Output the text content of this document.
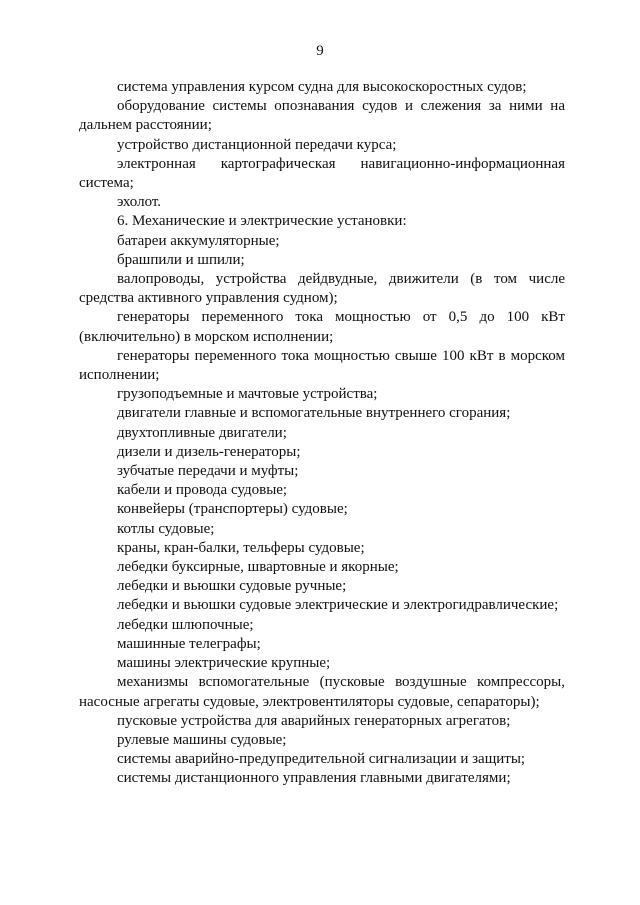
9

система управления курсом судна для высокоскоростных судов;

оборудование системы опознавания судов и слежения за ними на дальнем расстоянии;

устройство дистанционной передачи курса;

электронная картографическая навигационно-информационная система;

эхолот.

6. Механические и электрические установки:

батареи аккумуляторные;

брашпили и шпили;

валопроводы, устройства дейдвудные, движители (в том числе средства активного управления судном);

генераторы переменного тока мощностью от 0,5 до 100 кВт (включительно) в морском исполнении;

генераторы переменного тока мощностью свыше 100 кВт в морском исполнении;

грузоподъемные и мачтовые устройства;

двигатели главные и вспомогательные внутреннего сгорания;

двухтопливные двигатели;

дизели и дизель-генераторы;

зубчатые передачи и муфты;

кабели и провода судовые;

конвейеры (транспортеры) судовые;

котлы судовые;

краны, кран-балки, тельферы судовые;

лебедки буксирные, швартовные и якорные;

лебедки и вьюшки судовые ручные;

лебедки и вьюшки судовые электрические и электрогидравлические;

лебедки шлюпочные;

машинные телеграфы;

машины электрические крупные;

механизмы вспомогательные (пусковые воздушные компрессоры, насосные агрегаты судовые, электровентиляторы судовые, сепараторы);

пусковые устройства для аварийных генераторных агрегатов;

рулевые машины судовые;

системы аварийно-предупредительной сигнализации и защиты;

системы дистанционного управления главными двигателями;
